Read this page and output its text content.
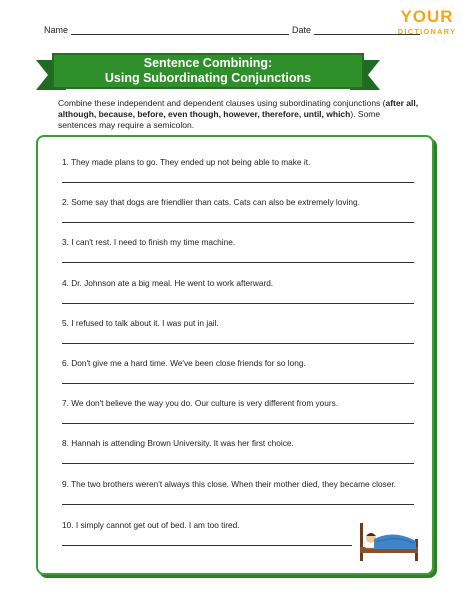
Name	Date
YOUR
DICTIONARY
Sentence Combining:
Using Subordinating Conjunctions
Combine these independent and dependent clauses using subordinating conjunctions (after all, although, because, before, even though, however, therefore, until, which). Some sentences may require a semicolon.
1. They made plans to go. They ended up not being able to make it.
2. Some say that dogs are friendlier than cats. Cats can also be extremely loving.
3. I can't rest. I need to finish my time machine.
4. Dr. Johnson ate a big meal. He went to work afterward.
5. I refused to talk about it. I was put in jail.
6. Don't give me a hard time. We've been close friends for so long.
7. We don't believe the way you do. Our culture is very different from yours.
8. Hannah is attending Brown University. It was her first choice.
9. The two brothers weren't always this close. When their mother died, they became closer.
10. I simply cannot get out of bed. I am too tired.
